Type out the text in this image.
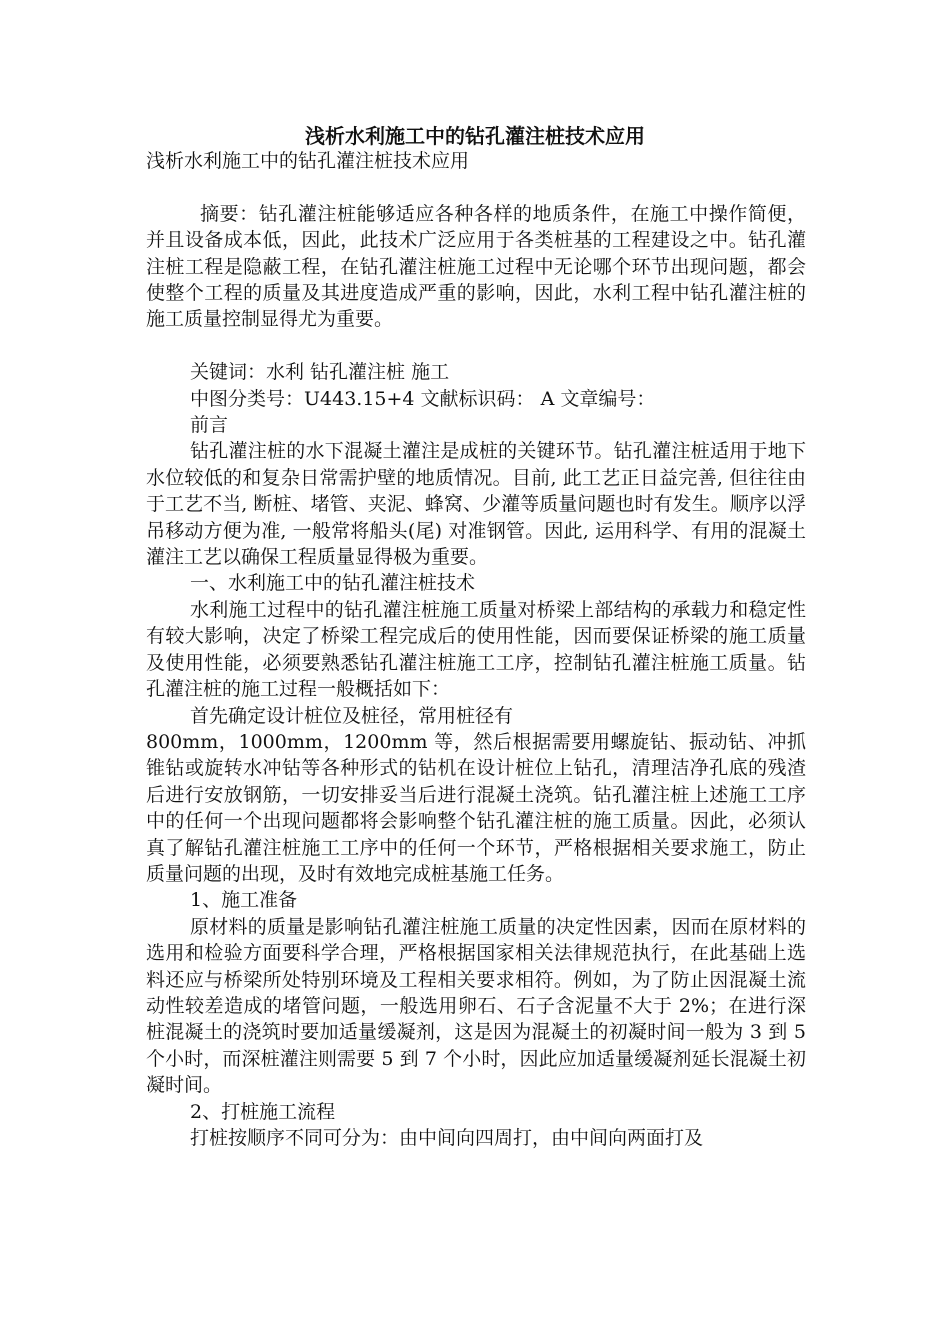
浅析水利施工中的钻孔灌注桩技术应用

浅析水利施工中的钻孔灌注桩技术应用

摘要：钻孔灌注桩能够适应各种各样的地质条件，在施工中操作简便，并且设备成本低，因此，此技术广泛应用于各类桩基的工程建设之中。钻孔灌注桩工程是隐蔽工程，在钻孔灌注桩施工过程中无论哪个环节出现问题，都会使整个工程的质量及其进度造成严重的影响，因此，水利工程中钻孔灌注桩的施工质量控制显得尤为重要。

关键词：水利 钻孔灌注桩 施工

中图分类号：U443.15+4 文献标识码： A 文章编号：

前言

钻孔灌注桩的水下混凝土灌注是成桩的关键环节。钻孔灌注桩适用于地下水位较低的和复杂日常需护壁的地质情况。目前, 此工艺正日益完善, 但往往由于工艺不当, 断桩、堵管、夹泥、蜂窝、少灌等质量问题也时有发生。顺序以浮吊移动方便为准, 一般常将船头(尾) 对准钢管。因此, 运用科学、有用的混凝土灌注工艺以确保工程质量显得极为重要。

一、水利施工中的钻孔灌注桩技术

水利施工过程中的钻孔灌注桩施工质量对桥梁上部结构的承载力和稳定性有较大影响，决定了桥梁工程完成后的使用性能，因而要保证桥梁的施工质量及使用性能，必须要熟悉钻孔灌注桩施工工序，控制钻孔灌注桩施工质量。钻孔灌注桩的施工过程一般概括如下：

首先确定设计桩位及桩径，常用桩径有

800mm，1000mm，1200mm 等，然后根据需要用螺旋钻、振动钻、冲抓锥钻或旋转水冲钻等各种形式的钻机在设计桩位上钻孔，清理洁净孔底的残渣后进行安放钢筋，一切安排妥当后进行混凝土浇筑。钻孔灌注桩上述施工工序中的任何一个出现问题都将会影响整个钻孔灌注桩的施工质量。因此，必须认真了解钻孔灌注桩施工工序中的任何一个环节，严格根据相关要求施工，防止质量问题的出现，及时有效地完成桩基施工任务。

1、施工准备

原材料的质量是影响钻孔灌注桩施工质量的决定性因素，因而在原材料的选用和检验方面要科学合理，严格根据国家相关法律规范执行，在此基础上选料还应与桥梁所处特别环境及工程相关要求相符。例如，为了防止因混凝土流动性较差造成的堵管问题，一般选用卵石、石子含泥量不大于 2%；在进行深桩混凝土的浇筑时要加适量缓凝剂，这是因为混凝土的初凝时间一般为 3 到 5 个小时，而深桩灌注则需要 5 到 7 个小时，因此应加适量缓凝剂延长混凝土初凝时间。

2、打桩施工流程

打桩按顺序不同可分为：由中间向四周打，由中间向两面打及
